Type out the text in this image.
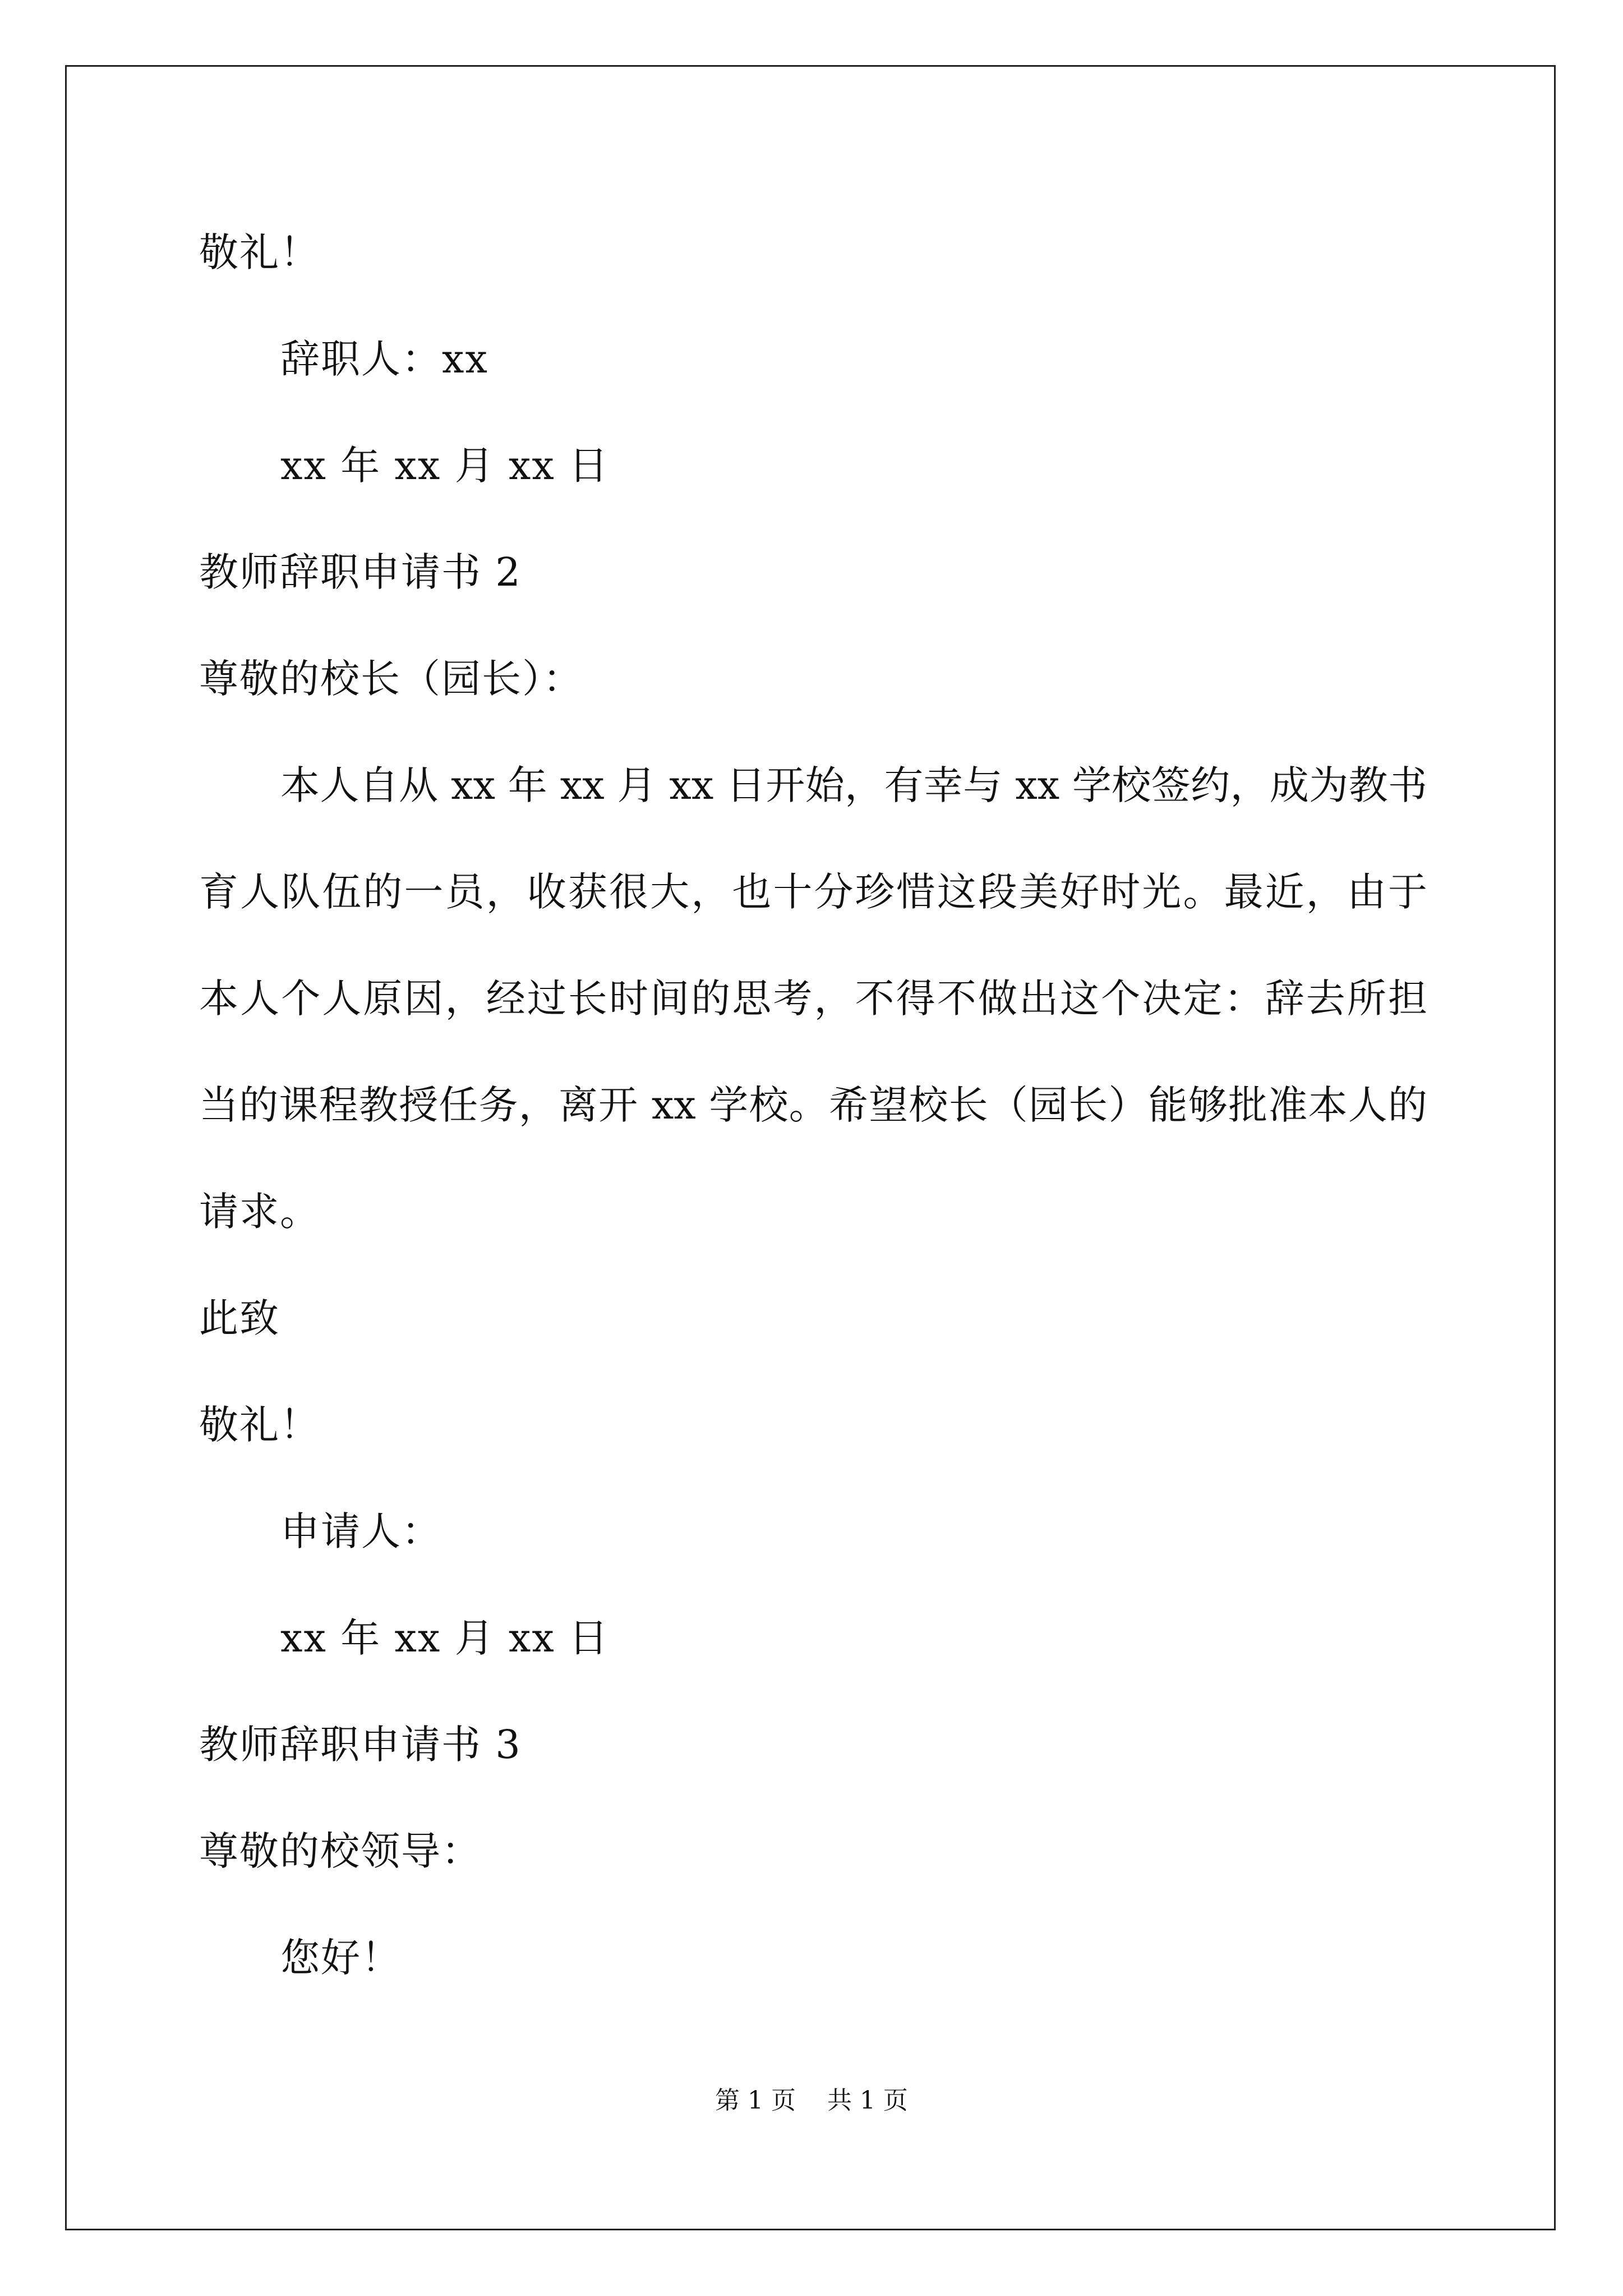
敬礼！
辞职人：xx
xx 年 xx 月 xx 日
教师辞职申请书 2
尊敬的校长（园长）：
本人自从 xx 年 xx 月 xx 日开始，有幸与 xx 学校签约，成为教书
育人队伍的一员，收获很大，也十分珍惜这段美好时光。最近，由于
本人个人原因，经过长时间的思考，不得不做出这个决定：辞去所担
当的课程教授任务，离开 xx 学校。希望校长（园长）能够批准本人的
请求。
此致
敬礼！
申请人：
xx 年 xx 月 xx 日
教师辞职申请书 3
尊敬的校领导：
您好！
第 1 页    共 1 页
